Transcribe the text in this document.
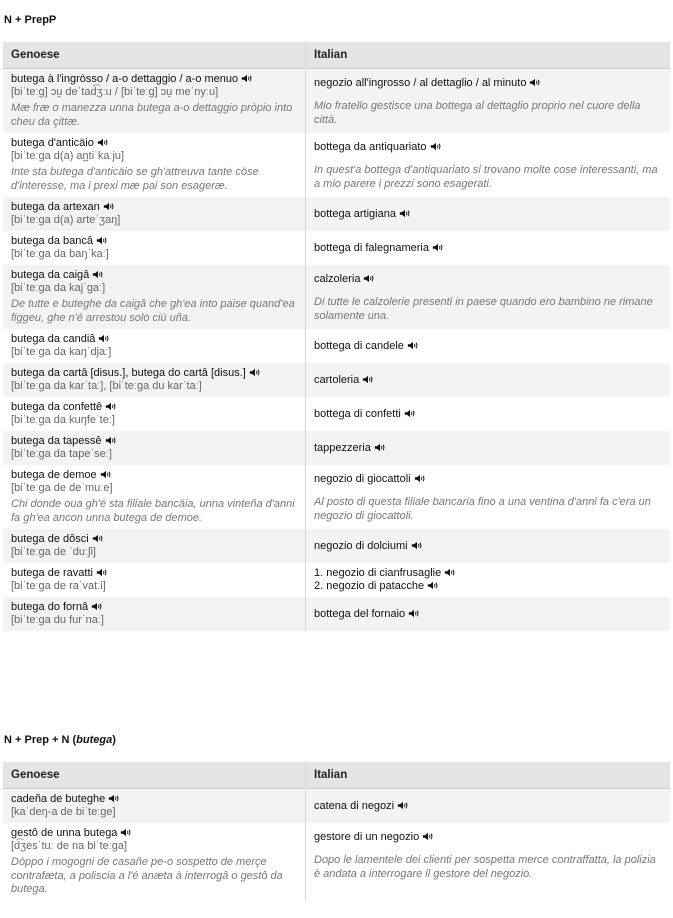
N + PrepP
Genoese	Italian
butega à l'ingròsso / a-o dettaggio / a-o menuo
[biˈteːg] ɔu̯ deˈtad͡ʒːu / [biˈteːg] ɔu̯ meˈnyːu]
Mæ fræ o manezza unna butega a-o dettaggio pròpio into cheu da çittæ.
negozio all'ingrosso / al dettaglio / al minuto
Mio fratello gestisce una bottega al dettaglio proprio nel cuore della città.
butega d'anticäio
[biˈteːga d(a) an̪tiˈkaːju]
Inte sta butega d'anticäio se gh'attreuva tante cöse d'interesse, ma i prexi mæ pai son esageræ.
bottega da antiquariato
In quest'a bottega d'antiquariato si trovano molte cose interessanti, ma a mio parere i prezzi sono esagerati.
butega da artexan
[biˈteːga d(a) arteˈʒaŋ]
bottega artigiana
butega da bancâ
[biˈteːga da baŋˈkaː]
bottega di falegnameria
butega da caigâ
[biˈteːga da kajˈgaː]
De tutte e buteghe da caigâ che gh'ea into paise quand'ea figgeu, ghe n'é arrestou solo ciù uña.
calzoleria
Di tutte le calzolerie presenti in paese quando ero bambino ne rimane solamente una.
butega da candiâ
[biˈteːga da kaŋˈdjaː]
bottega di candele
butega da cartâ [disus.], butega do cartâ [disus.]
[biˈteːga da karˈtaː], [biˈteːga du karˈtaː]
cartoleria
butega da confettê
[biˈteːga da kuŋfeˈteː]
bottega di confetti
butega da tapessê
[biˈteːga da tapeˈseː]
tappezzeria
butega de demoe
[biˈteːga de deˈmuːe]
Chi donde oua gh'é sta filiale bancäia, unna vinteña d'anni fa gh'ea ancon unna butega de demoe.
negozio di giocattoli
Al posto di questa filiale bancaria fino a una ventina d'anni fa c'era un negozio di giocattoli.
butega de dôsci
[biˈteːga de ˈduːʃi]
negozio di dolciumi
butega de ravatti
[biˈteːga de raˈvatːi]
1. negozio di cianfrusaglie
2. negozio di patacche
butega do fornâ
[biˈteːga du furˈnaː]
bottega del fornaio
N + Prep + N (butega)
Genoese	Italian
cadeña de buteghe
[kaˈdeŋ-a de biˈteːge]
catena di negozi
gestô de unna butega
[d͡ʒesˈtuː de na biˈteːga]
Dòppo i mogogni de casañe pe-o sospetto de merçe contrafæta, a poliscia a l'é anæta à interrogâ o gestô da butega.
gestore di un negozio
Dopo le lamentele dei clienti per sospetta merce contraffatta, la polizia è andata a interrogare il gestore del negozio.
